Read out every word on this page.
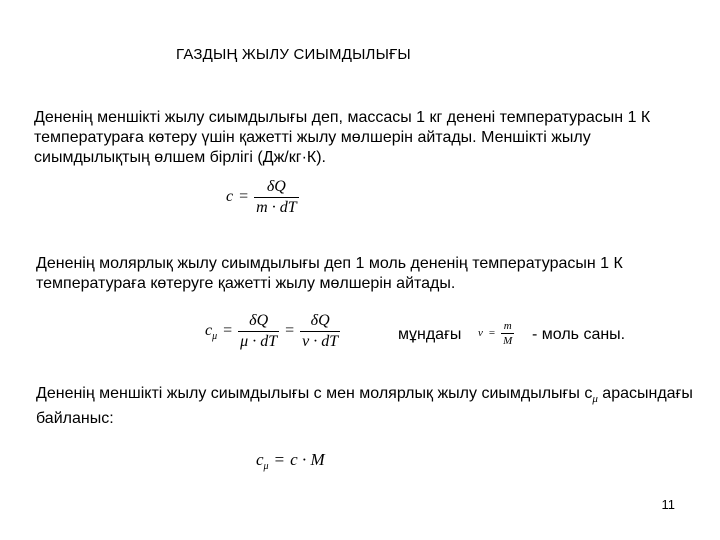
ГАЗДЫҢ ЖЫЛУ СИЫМДЫЛЫҒЫ
Дененің меншікті жылу сиымдылығы деп, массасы 1 кг денені температурасын 1 К температураға көтеру үшін қажетті жылу мөлшерін айтады. Меншікті жылу сиымдылықтың өлшем бірлігі (Дж/кг·К).
$c = \frac{\delta Q}{m \cdot dT}$
Дененің молярлық жылу сиымдылығы деп 1 моль дененің температурасын 1 К температураға көтеруге қажетті жылу мөлшерін айтады.
$c_\mu = \frac{\delta Q}{\mu \cdot dT} = \frac{\delta Q}{\nu \cdot dT}$	мұндағы $\nu = \frac{m}{M}$ - моль саны.
Дененің меншікті жылу сиымдылығы с мен молярлық жылу сиымдылығы $с_\mu$ арасындағы байланыс:
$c_\mu = c \cdot M$
11
